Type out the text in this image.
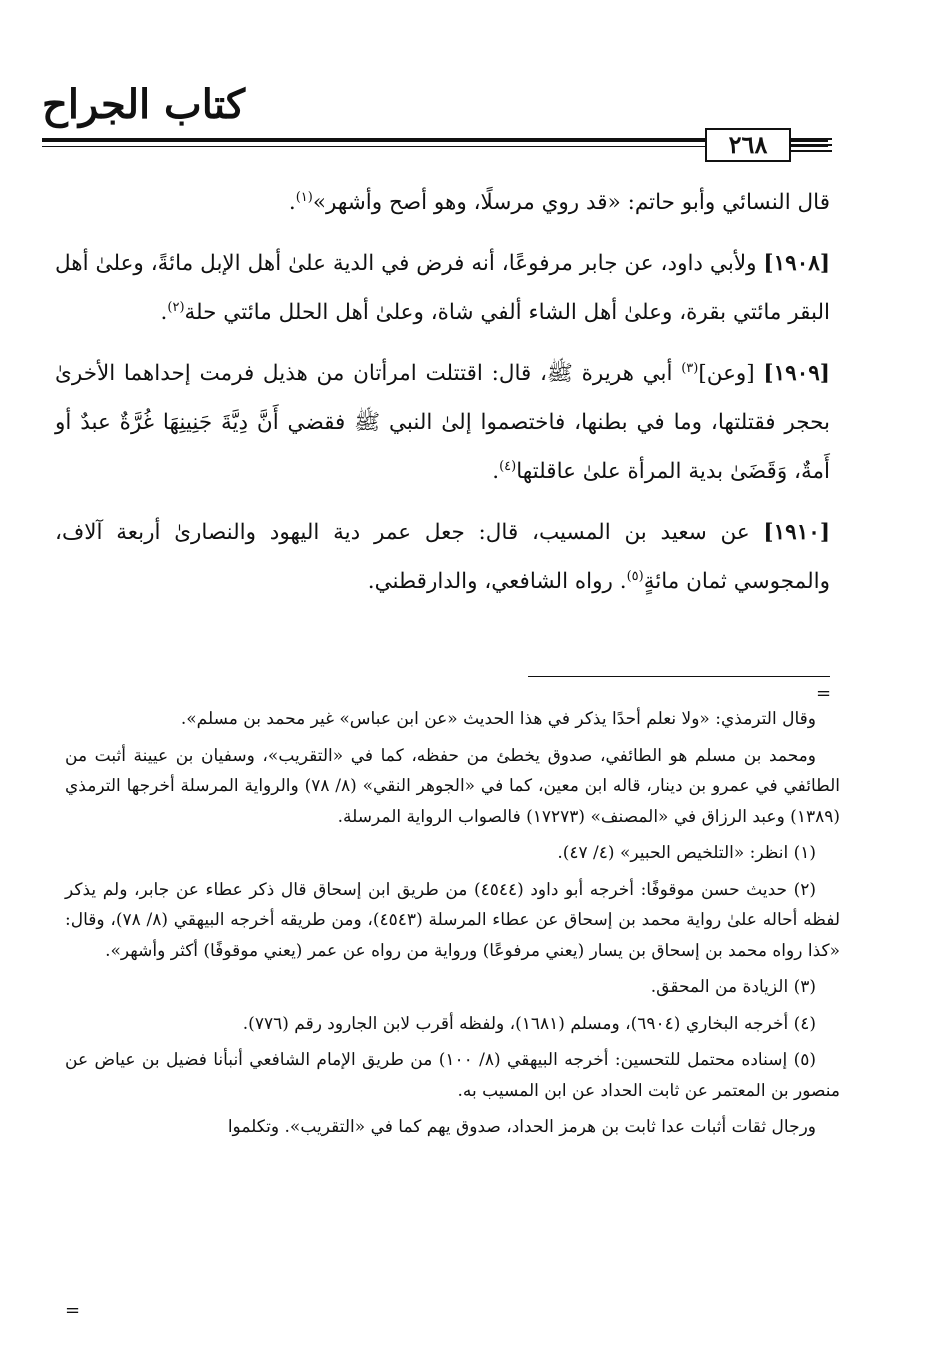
كتاب الجراح
٢٦٨

قال النسائي وأبو حاتم: «قد روي مرسلًا، وهو أصح وأشهر»$^{(١)}$.

[١٩٠٨] ولأبي داود، عن جابر مرفوعًا، أنه فرض في الدية علىٰ أهل الإبل مائةً، وعلىٰ أهل البقر مائتي بقرة، وعلىٰ أهل الشاء ألفي شاة، وعلىٰ أهل الحلل مائتي حلة$^{(٢)}$.

[١٩٠٩] [وعن]$^{(٣)}$ أبي هريرة ﷺ، قال: اقتتلت امرأتان من هذيل فرمت إحداهما الأخرىٰ بحجر فقتلتها، وما في بطنها، فاختصموا إلىٰ النبي ﷺ فقضي أَنَّ دِيَّةَ جَنِينِهَا غُرَّةٌ عبدٌ أو أَمةٌ، وَقَضَىٰ بدية المرأة علىٰ عاقلتها$^{(٤)}$.

[١٩١٠] عن سعيد بن المسيب، قال: جعل عمر دية اليهود والنصارىٰ أربعة آلاف، والمجوسي ثمان مائةٍ$^{(٥)}$. رواه الشافعي، والدارقطني.

=

وقال الترمذي: «ولا نعلم أحدًا يذكر في هذا الحديث «عن ابن عباس» غير محمد بن مسلم».

ومحمد بن مسلم هو الطائفي، صدوق يخطئ من حفظه، كما في «التقريب»، وسفيان بن عيينة أثبت من الطائفي في عمرو بن دينار، قاله ابن معين، كما في «الجوهر النقي» (٨/ ٧٨) والرواية المرسلة أخرجها الترمذي (١٣٨٩) وعبد الرزاق في «المصنف» (١٧٢٧٣) فالصواب الرواية المرسلة.

(١) انظر: «التلخيص الحبير» (٤/ ٤٧).

(٢) حديث حسن موقوفًا: أخرجه أبو داود (٤٥٤٤) من طريق ابن إسحاق قال ذكر عطاء عن جابر، ولم يذكر لفظه أحاله علىٰ رواية محمد بن إسحاق عن عطاء المرسلة (٤٥٤٣)، ومن طريقه أخرجه البيهقي (٨/ ٧٨)، وقال: «كذا رواه محمد بن إسحاق بن يسار (يعني مرفوعًا) ورواية من رواه عن عمر (يعني موقوفًا) أكثر وأشهر».

(٣) الزيادة من المحقق.

(٤) أخرجه البخاري (٦٩٠٤)، ومسلم (١٦٨١)، ولفظه أقرب لابن الجارود رقم (٧٧٦).

(٥) إسناده محتمل للتحسين: أخرجه البيهقي (٨/ ١٠٠) من طريق الإمام الشافعي أنبأنا فضيل بن عياض عن منصور بن المعتمر عن ثابت الحداد عن ابن المسيب به.

ورجال ثقات أثبات عدا ثابت بن هرمز الحداد، صدوق يهم كما في «التقريب». وتكلموا

=
